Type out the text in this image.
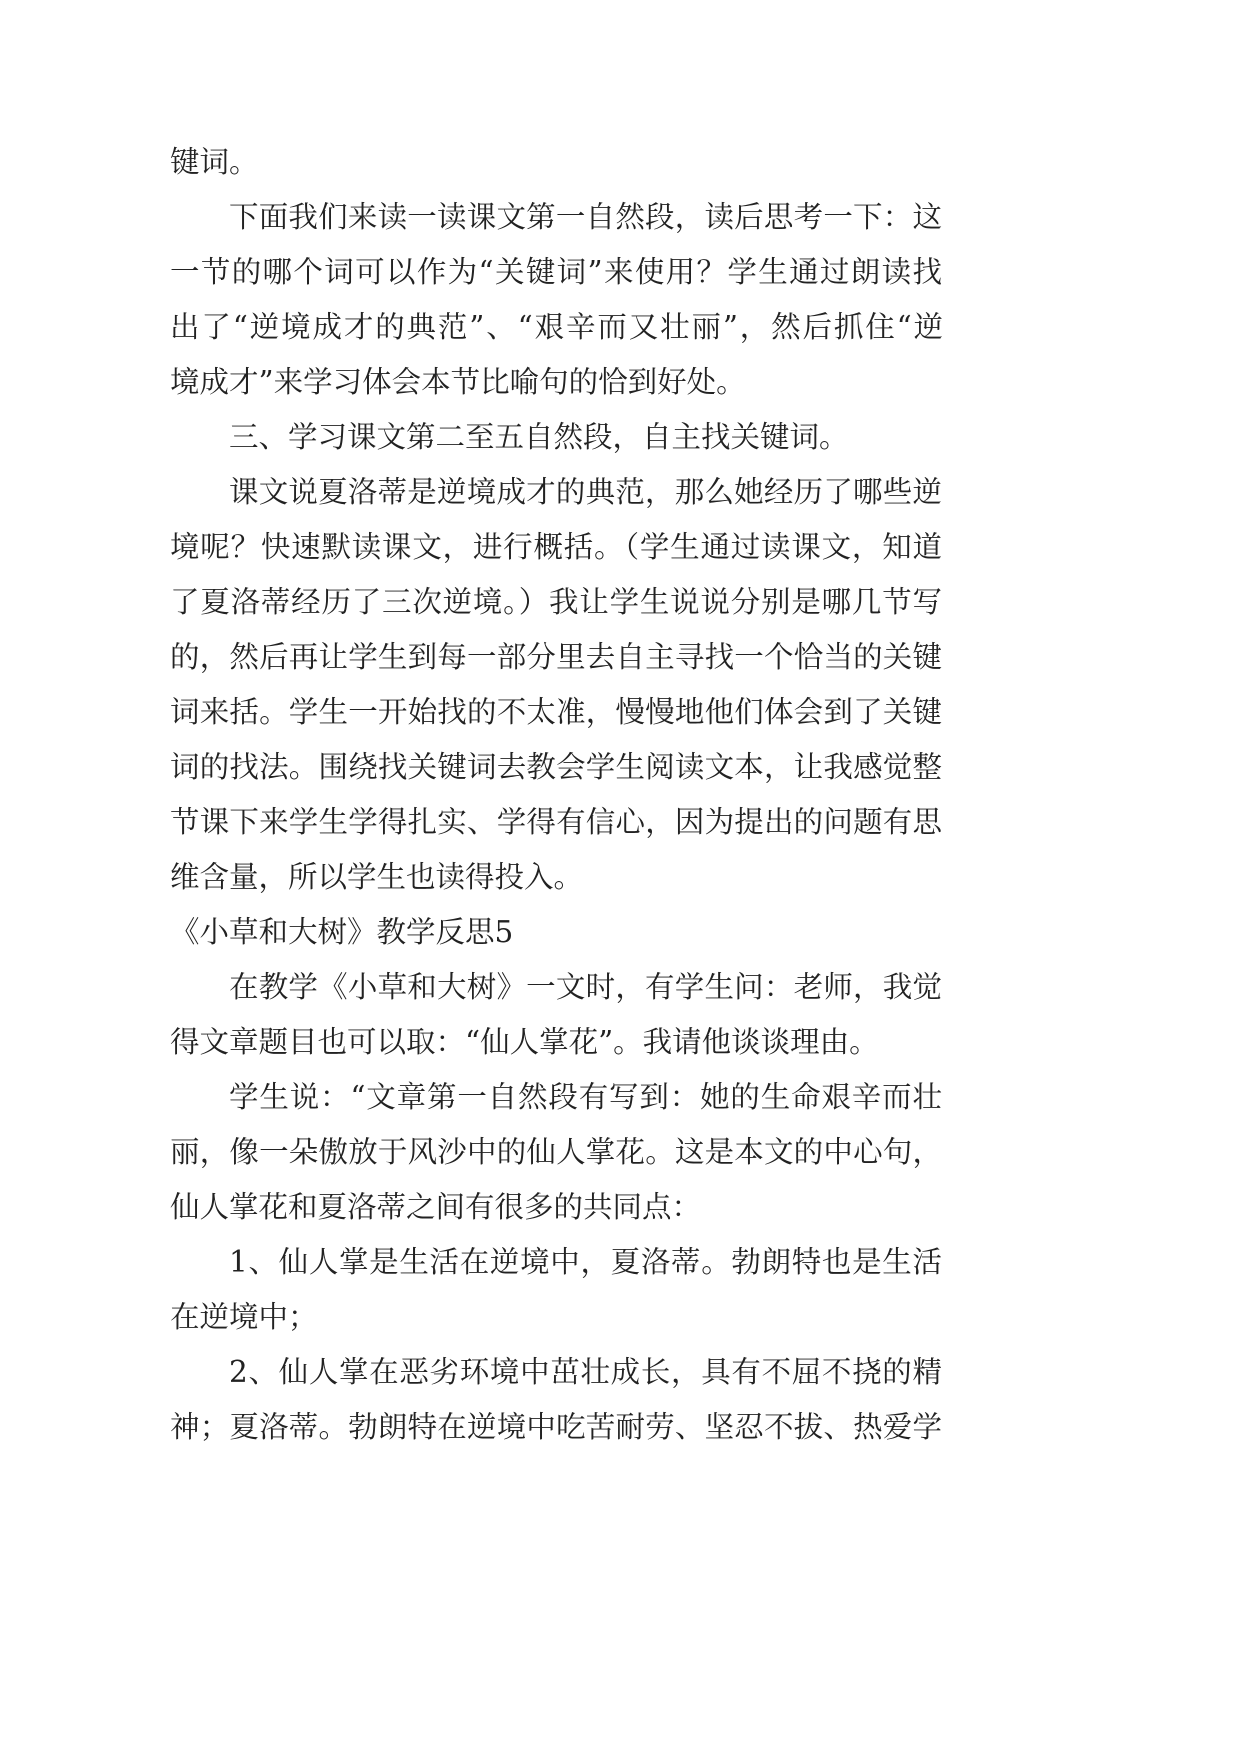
键词。
下面我们来读一读课文第一自然段，读后思考一下：这
一节的哪个词可以作为“关键词”来使用？学生通过朗读找
出了“逆境成才的典范”、“艰辛而又壮丽”，然后抓住“逆
境成才”来学习体会本节比喻句的恰到好处。
三、学习课文第二至五自然段，自主找关键词。
课文说夏洛蒂是逆境成才的典范，那么她经历了哪些逆
境呢？快速默读课文，进行概括。（学生通过读课文，知道
了夏洛蒂经历了三次逆境。）我让学生说说分别是哪几节写
的，然后再让学生到每一部分里去自主寻找一个恰当的关键
词来括。学生一开始找的不太准，慢慢地他们体会到了关键
词的找法。围绕找关键词去教会学生阅读文本，让我感觉整
节课下来学生学得扎实、学得有信心，因为提出的问题有思
维含量，所以学生也读得投入。
《小草和大树》教学反思5
在教学《小草和大树》一文时，有学生问：老师，我觉
得文章题目也可以取：“仙人掌花”。我请他谈谈理由。
学生说：“文章第一自然段有写到：她的生命艰辛而壮
丽，像一朵傲放于风沙中的仙人掌花。这是本文的中心句，
仙人掌花和夏洛蒂之间有很多的共同点：
1、仙人掌是生活在逆境中，夏洛蒂。勃朗特也是生活
在逆境中；
2、仙人掌在恶劣环境中茁壮成长，具有不屈不挠的精
神；夏洛蒂。勃朗特在逆境中吃苦耐劳、坚忍不拔、热爱学
